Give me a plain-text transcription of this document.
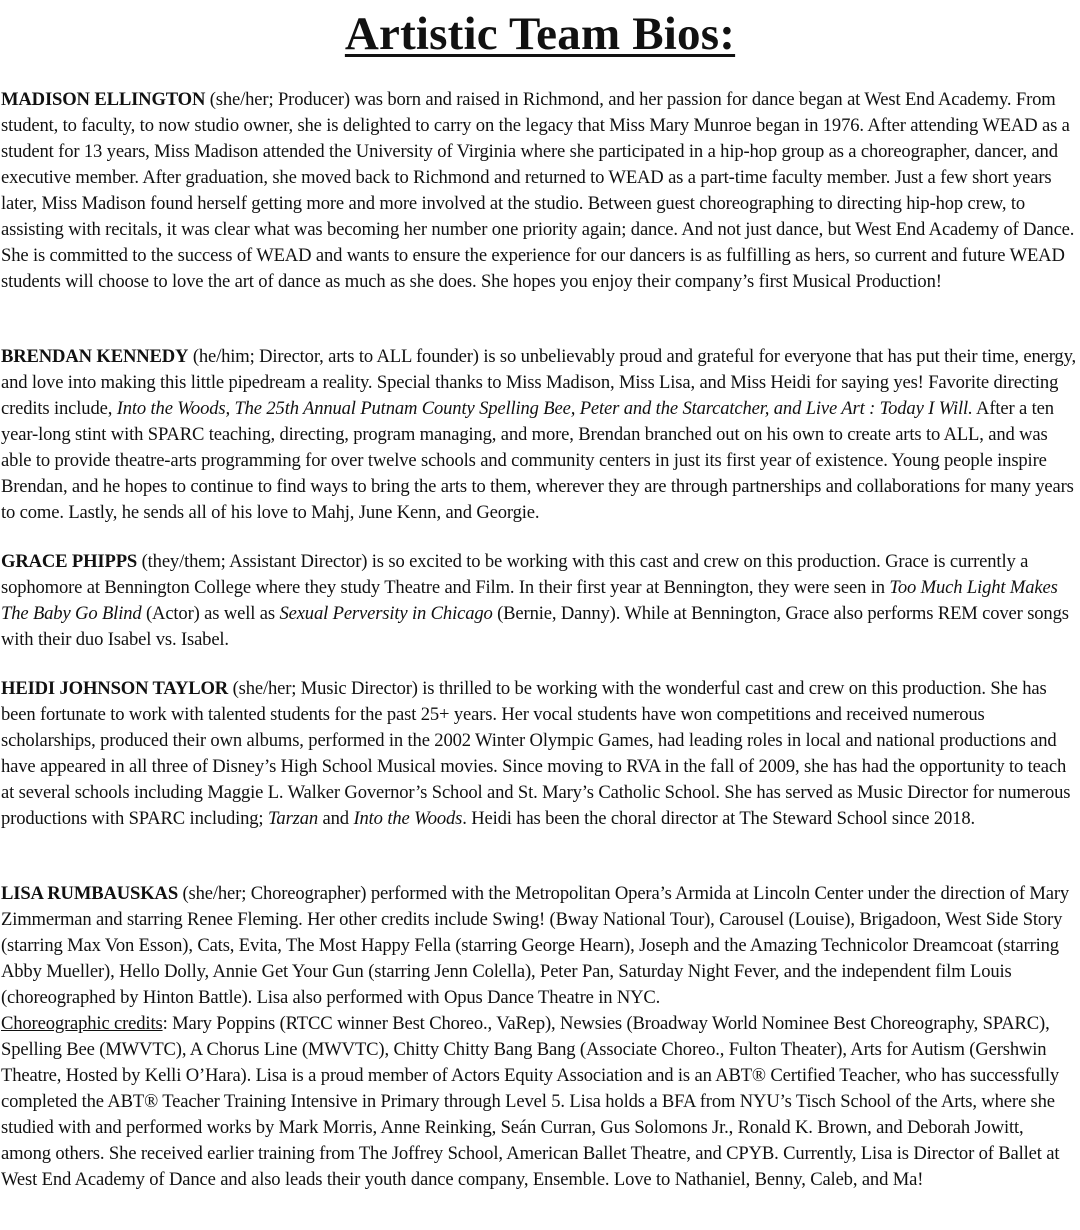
Artistic Team Bios:

MADISON ELLINGTON (she/her; Producer) was born and raised in Richmond, and her passion for dance began at West End Academy. From student, to faculty, to now studio owner, she is delighted to carry on the legacy that Miss Mary Munroe began in 1976. After attending WEAD as a student for 13 years, Miss Madison attended the University of Virginia where she participated in a hip-hop group as a choreographer, dancer, and executive member. After graduation, she moved back to Richmond and returned to WEAD as a part-time faculty member. Just a few short years later, Miss Madison found herself getting more and more involved at the studio. Between guest choreographing to directing hip-hop crew, to assisting with recitals, it was clear what was becoming her number one priority again; dance. And not just dance, but West End Academy of Dance. She is committed to the success of WEAD and wants to ensure the experience for our dancers is as fulfilling as hers, so current and future WEAD students will choose to love the art of dance as much as she does. She hopes you enjoy their company’s first Musical Production!

BRENDAN KENNEDY (he/him; Director, arts to ALL founder) is so unbelievably proud and grateful for everyone that has put their time, energy, and love into making this little pipedream a reality. Special thanks to Miss Madison, Miss Lisa, and Miss Heidi for saying yes! Favorite directing credits include, Into the Woods, The 25th Annual Putnam County Spelling Bee, Peter and the Starcatcher, and Live Art : Today I Will. After a ten year-long stint with SPARC teaching, directing, program managing, and more, Brendan branched out on his own to create arts to ALL, and was able to provide theatre-arts programming for over twelve schools and community centers in just its first year of existence. Young people inspire Brendan, and he hopes to continue to find ways to bring the arts to them, wherever they are through partnerships and collaborations for many years to come. Lastly, he sends all of his love to Mahj, June Kenn, and Georgie.

GRACE PHIPPS (they/them; Assistant Director) is so excited to be working with this cast and crew on this production. Grace is currently a sophomore at Bennington College where they study Theatre and Film. In their first year at Bennington, they were seen in Too Much Light Makes The Baby Go Blind (Actor) as well as Sexual Perversity in Chicago (Bernie, Danny). While at Bennington, Grace also performs REM cover songs with their duo Isabel vs. Isabel.

HEIDI JOHNSON TAYLOR (she/her; Music Director) is thrilled to be working with the wonderful cast and crew on this production. She has been fortunate to work with talented students for the past 25+ years. Her vocal students have won competitions and received numerous scholarships, produced their own albums, performed in the 2002 Winter Olympic Games, had leading roles in local and national productions and have appeared in all three of Disney’s High School Musical movies. Since moving to RVA in the fall of 2009, she has had the opportunity to teach at several schools including Maggie L. Walker Governor’s School and St. Mary’s Catholic School. She has served as Music Director for numerous productions with SPARC including; Tarzan and Into the Woods. Heidi has been the choral director at The Steward School since 2018.

LISA RUMBAUSKAS (she/her; Choreographer) performed with the Metropolitan Opera’s Armida at Lincoln Center under the direction of Mary Zimmerman and starring Renee Fleming. Her other credits include Swing! (Bway National Tour), Carousel (Louise), Brigadoon, West Side Story (starring Max Von Esson), Cats, Evita, The Most Happy Fella (starring George Hearn), Joseph and the Amazing Technicolor Dreamcoat (starring Abby Mueller), Hello Dolly, Annie Get Your Gun (starring Jenn Colella), Peter Pan, Saturday Night Fever, and the independent film Louis (choreographed by Hinton Battle). Lisa also performed with Opus Dance Theatre in NYC.
Choreographic credits: Mary Poppins (RTCC winner Best Choreo., VaRep), Newsies (Broadway World Nominee Best Choreography, SPARC), Spelling Bee (MWVTC), A Chorus Line (MWVTC), Chitty Chitty Bang Bang (Associate Choreo., Fulton Theater), Arts for Autism (Gershwin Theatre, Hosted by Kelli O’Hara). Lisa is a proud member of Actors Equity Association and is an ABT® Certified Teacher, who has successfully completed the ABT® Teacher Training Intensive in Primary through Level 5. Lisa holds a BFA from NYU’s Tisch School of the Arts, where she studied with and performed works by Mark Morris, Anne Reinking, Seán Curran, Gus Solomons Jr., Ronald K. Brown, and Deborah Jowitt, among others. She received earlier training from The Joffrey School, American Ballet Theatre, and CPYB. Currently, Lisa is Director of Ballet at West End Academy of Dance and also leads their youth dance company, Ensemble. Love to Nathaniel, Benny, Caleb, and Ma!
